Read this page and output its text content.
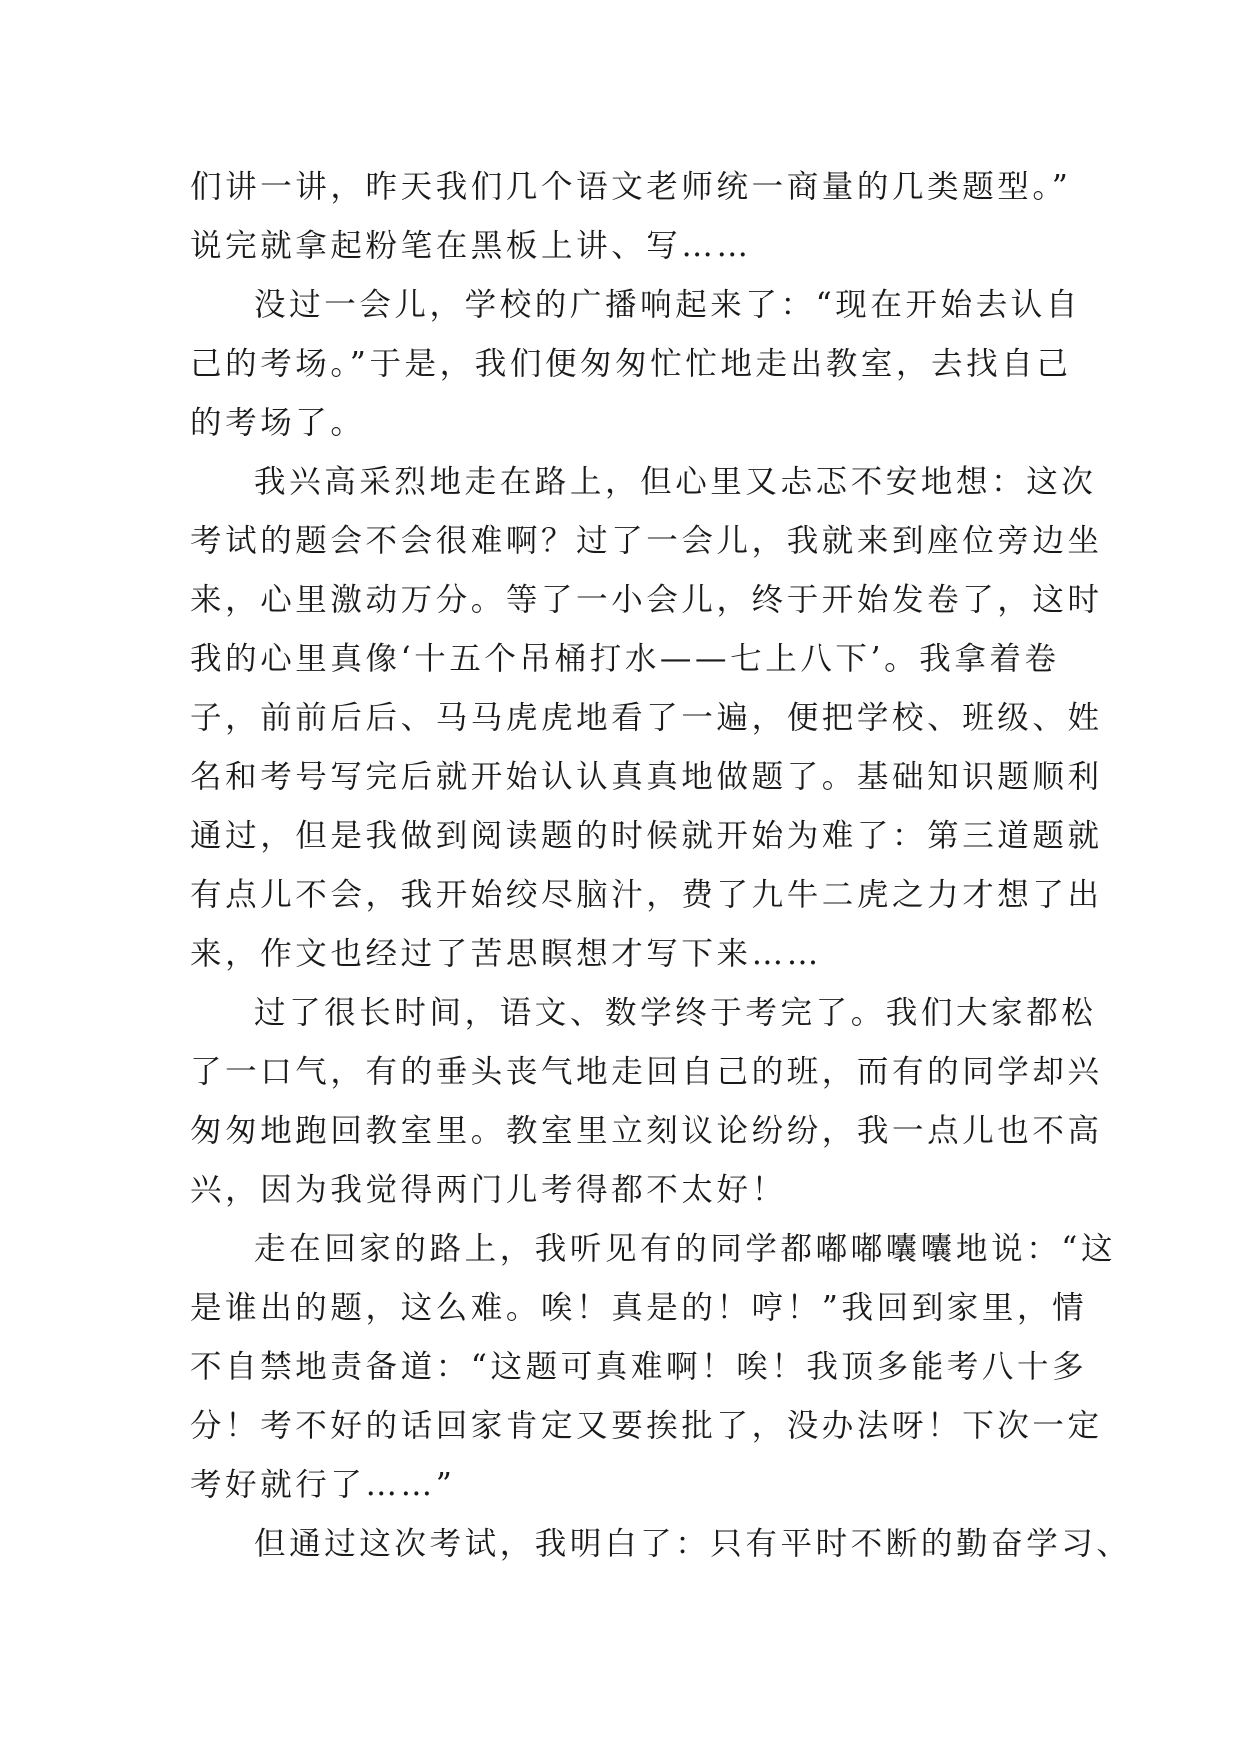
们讲一讲，昨天我们几个语文老师统一商量的几类题型。”
说完就拿起粉笔在黑板上讲、写……
没过一会儿，学校的广播响起来了：“现在开始去认自
己的考场。”于是，我们便匆匆忙忙地走出教室，去找自己
的考场了。
我兴高采烈地走在路上，但心里又忐忑不安地想：这次
考试的题会不会很难啊？过了一会儿，我就来到座位旁边坐
来，心里激动万分。等了一小会儿，终于开始发卷了，这时
我的心里真像‘十五个吊桶打水——七上八下’。我拿着卷
子，前前后后、马马虎虎地看了一遍，便把学校、班级、姓
名和考号写完后就开始认认真真地做题了。基础知识题顺利
通过，但是我做到阅读题的时候就开始为难了：第三道题就
有点儿不会，我开始绞尽脑汁，费了九牛二虎之力才想了出
来，作文也经过了苦思瞑想才写下来……
过了很长时间，语文、数学终于考完了。我们大家都松
了一口气，有的垂头丧气地走回自己的班，而有的同学却兴
匆匆地跑回教室里。教室里立刻议论纷纷，我一点儿也不高
兴，因为我觉得两门儿考得都不太好！
走在回家的路上，我听见有的同学都嘟嘟囔囔地说：“这
是谁出的题，这么难。唉！真是的！哼！”我回到家里，情
不自禁地责备道：“这题可真难啊！唉！我顶多能考八十多
分！考不好的话回家肯定又要挨批了，没办法呀！下次一定
考好就行了……”
但通过这次考试，我明白了：只有平时不断的勤奋学习、
